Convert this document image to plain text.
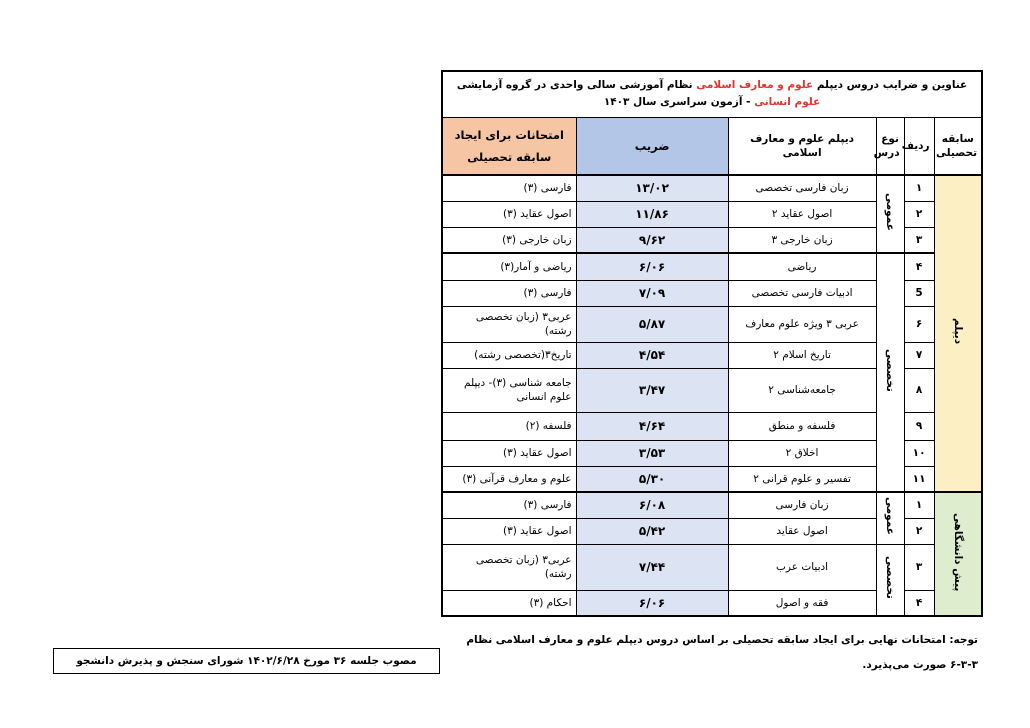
عناوین و ضرایب دروس دیپلم علوم و معارف اسلامی نظام آموزشی سالی واحدی در گروه آزمایشی علوم انسانی - آزمون سراسری سال ۱۴۰۳					
سابقه تحصیلی	ردیف	نوع درس	دیپلم علوم و معارف اسلامی	ضریب	امتحانات برای ایجاد سابقه تحصیلی
دیپلم	۱	عمومی	زبان فارسی تخصصی	۱۳/۰۲	فارسی (۳)
	۲		اصول عقاید ۲	۱۱/۸۶	اصول عقاید (۳)
	۳		زبان خارجی ۳	۹/۶۲	زبان خارجی (۳)
	۴	تخصصی	ریاضی	۶/۰۶	ریاضی و آمار(۳)
	5		ادبیات فارسی تخصصی	۷/۰۹	فارسی (۳)
	۶		عربی ۳ ویژه علوم معارف	۵/۸۷	عربی۳ (زبان تخصصی رشته)
	۷		تاریخ اسلام ۲	۴/۵۴	تاریخ۳(تخصصی رشته)
	۸		جامعه‌شناسی ۲	۳/۴۷	جامعه شناسی (۳)- دیپلم علوم انسانی
	۹		فلسفه و منطق	۴/۶۴	فلسفه (۲)
	۱۰		اخلاق ۲	۳/۵۳	اصول عقاید (۳)
	۱۱		تفسیر و علوم قرانی ۲	۵/۳۰	علوم و معارف قرآنی (۳)
پیش دانشگاهی	۱	عمومی	زبان فارسی	۶/۰۸	فارسی (۳)
	۲		اصول عقاید	۵/۴۲	اصول عقاید (۳)
	۳	تخصصی	ادبیات عرب	۷/۴۴	عربی۳ (زبان تخصصی رشته)
	۴		فقه و اصول	۶/۰۶	احکام (۳)
توجه: امتحانات نهایی برای ایجاد سابقه تحصیلی بر اساس دروس دیپلم علوم و معارف اسلامی نظام ۳-۳-۶ صورت می‌پذیرد.
مصوب جلسه ۳۶ مورخ ۱۴۰۲/۶/۲۸ شورای سنجش و پذیرش دانشجو
